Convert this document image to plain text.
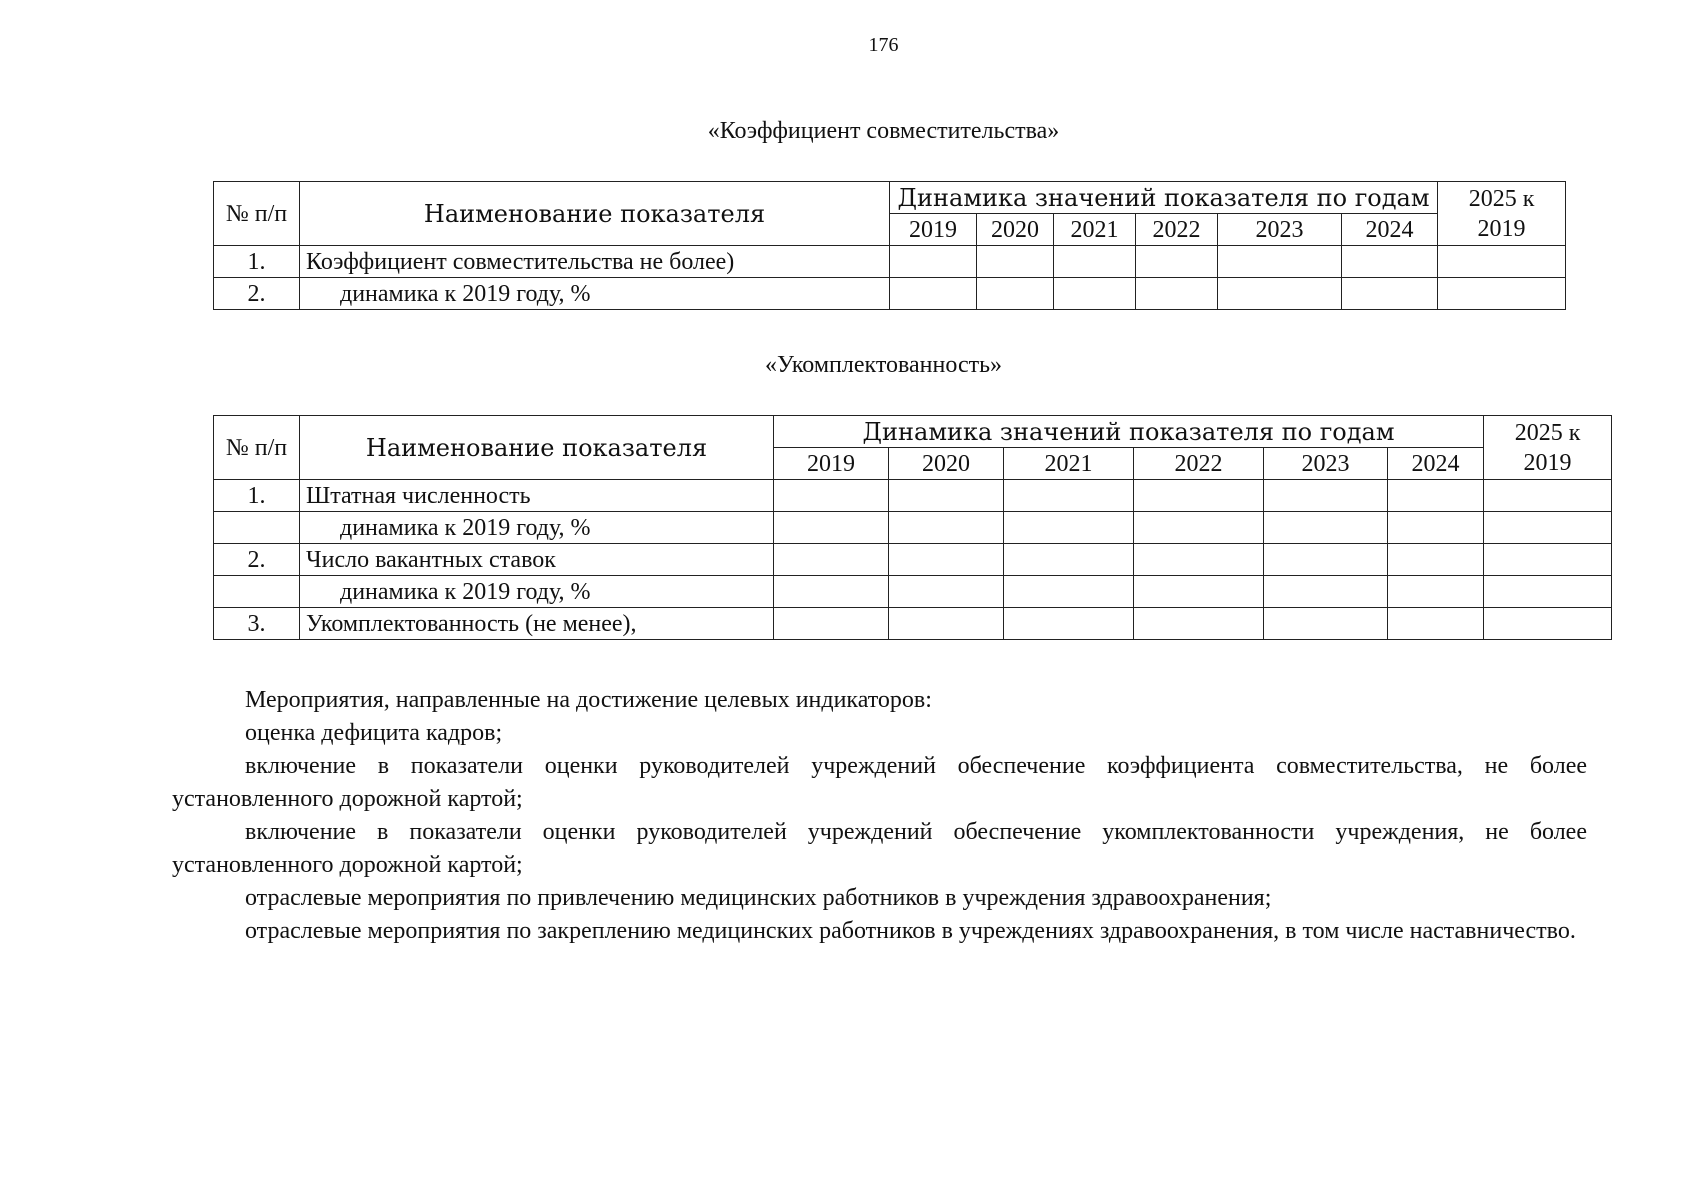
176
«Коэффициент совместительства»
№ п/п	Наименование показателя	Динамика значений показателя по годам						2025 к 2019
		2019	2020	2021	2022	2023	2024	
1.	Коэффициент совместительства не более)							
2.	динамика к 2019 году, %							
«Укомплектованность»
№ п/п	Наименование показателя	Динамика значений показателя по годам						2025 к 2019
		2019	2020	2021	2022	2023	2024	
1.	Штатная численность							
	динамика к 2019 году, %							
2.	Число вакантных ставок							
	динамика к 2019 году, %							
3.	Укомплектованность (не менее),							

Мероприятия, направленные на достижение целевых индикаторов:

оценка дефицита кадров;

включение в показатели оценки руководителей учреждений обеспечение коэффициента совместительства, не более установленного дорожной картой;

включение в показатели оценки руководителей учреждений обеспечение укомплектованности учреждения, не более установленного дорожной картой;

отраслевые мероприятия по привлечению медицинских работников в учреждения здравоохранения;

отраслевые мероприятия по закреплению медицинских работников в учреждениях здравоохранения, в том числе наставничество.
